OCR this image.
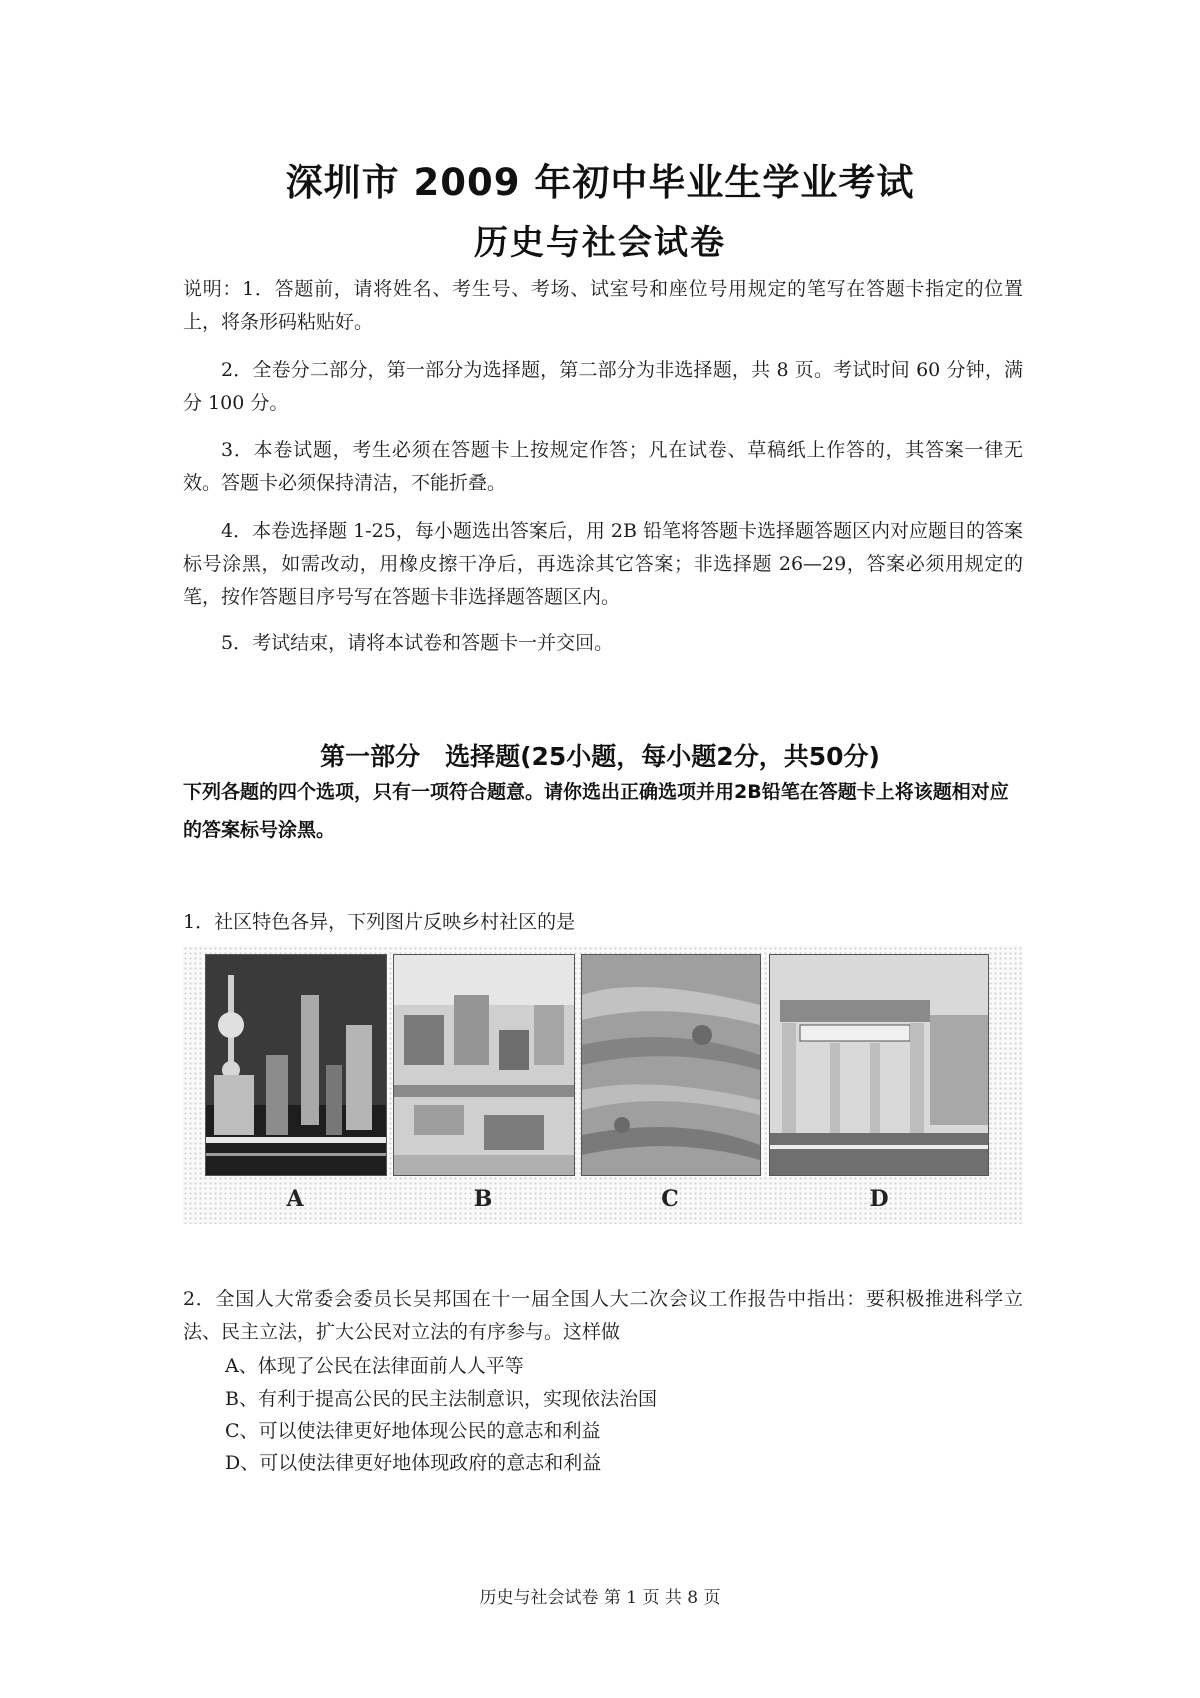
深圳市 2009 年初中毕业生学业考试
历史与社会试卷
说明：1．答题前，请将姓名、考生号、考场、试室号和座位号用规定的笔写在答题卡指定的位置上，将条形码粘贴好。
2．全卷分二部分，第一部分为选择题，第二部分为非选择题，共 8 页。考试时间 60 分钟，满分 100 分。
3．本卷试题，考生必须在答题卡上按规定作答；凡在试卷、草稿纸上作答的，其答案一律无效。答题卡必须保持清洁，不能折叠。
4．本卷选择题 1-25，每小题选出答案后，用 2B 铅笔将答题卡选择题答题区内对应题目的答案标号涂黑，如需改动，用橡皮擦干净后，再选涂其它答案；非选择题 26—29，答案必须用规定的笔，按作答题目序号写在答题卡非选择题答题区内。
5．考试结束，请将本试卷和答题卡一并交回。
第一部分　选择题(25小题，每小题2分，共50分)
下列各题的四个选项，只有一项符合题意。请你选出正确选项并用2B铅笔在答题卡上将该题相对应的答案标号涂黑。
1．社区特色各异，下列图片反映乡村社区的是
A	B	C	D
2．全国人大常委会委员长吴邦国在十一届全国人大二次会议工作报告中指出：要积极推进科学立法、民主立法，扩大公民对立法的有序参与。这样做
A、体现了公民在法律面前人人平等
B、有利于提高公民的民主法制意识，实现依法治国
C、可以使法律更好地体现公民的意志和利益
D、可以使法律更好地体现政府的意志和利益
历史与社会试卷 第 1 页 共 8 页
